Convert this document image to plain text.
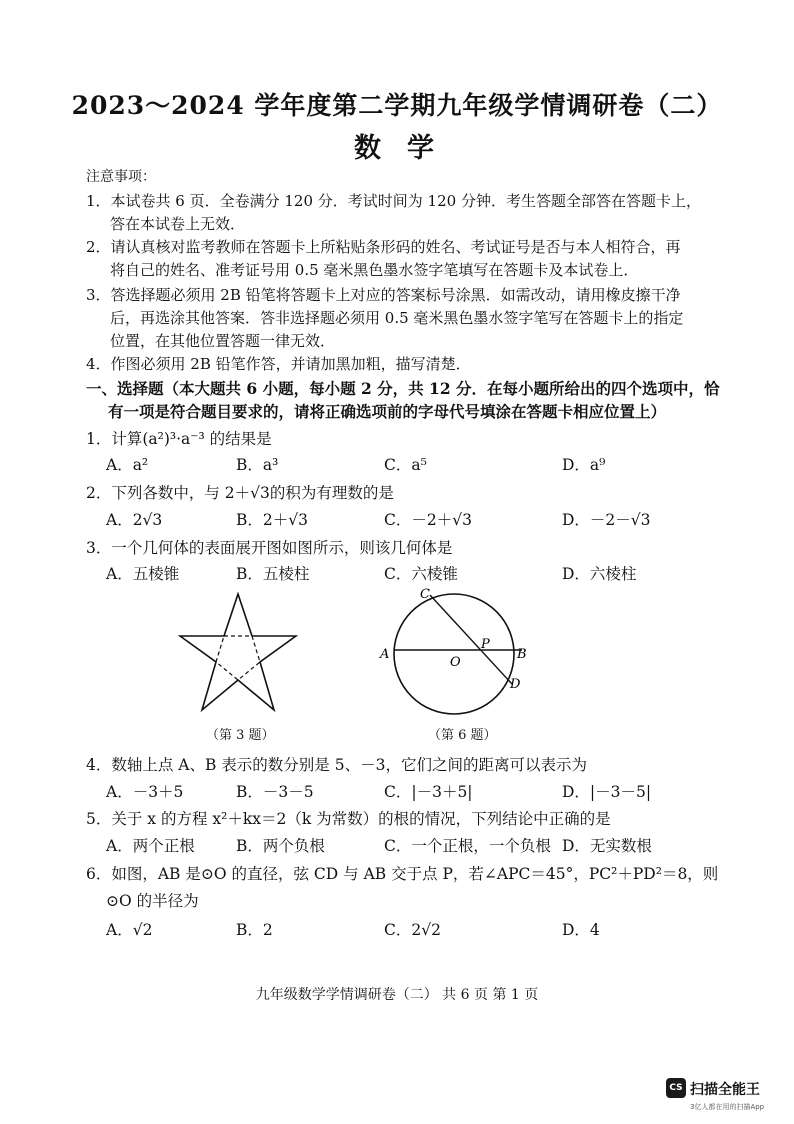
2023～2024 学年度第二学期九年级学情调研卷（二）
数学
注意事项：
1．本试卷共 6 页．全卷满分 120 分．考试时间为 120 分钟．考生答题全部答在答题卡上，
答在本试卷上无效．
2．请认真核对监考教师在答题卡上所粘贴条形码的姓名、考试证号是否与本人相符合，再
将自己的姓名、准考证号用 0.5 毫米黑色墨水签字笔填写在答题卡及本试卷上．
3．答选择题必须用 2B 铅笔将答题卡上对应的答案标号涂黑．如需改动，请用橡皮擦干净
后，再选涂其他答案．答非选择题必须用 0.5 毫米黑色墨水签字笔写在答题卡上的指定
位置，在其他位置答题一律无效．
4．作图必须用 2B 铅笔作答，并请加黑加粗，描写清楚．
一、选择题（本大题共 6 小题，每小题 2 分，共 12 分．在每小题所给出的四个选项中，恰
有一项是符合题目要求的，请将正确选项前的字母代号填涂在答题卡相应位置上）
1．计算(a²)³·a⁻³ 的结果是
A．a²	B．a³	C．a⁵	D．a⁹
2．下列各数中，与 2＋√3的积为有理数的是
A．2√3	B．2＋√3	C．－2＋√3	D．－2－√3
3．一个几何体的表面展开图如图所示，则该几何体是
A．五棱锥	B．五棱柱	C．六棱锥	D．六棱柱
（第 3 题）
C
A
O
P
B
D
（第 6 题）
4．数轴上点 A、B 表示的数分别是 5、－3，它们之间的距离可以表示为
A．－3＋5	B．－3－5	C．|－3＋5|	D．|－3－5|
5．关于 x 的方程 x²＋kx＝2（k 为常数）的根的情况，下列结论中正确的是
A．两个正根	B．两个负根	C．一个正根，一个负根 D．无实数根
6．如图，AB 是⊙O 的直径，弦 CD 与 AB 交于点 P，若∠APC＝45°，PC²＋PD²＝8，则
⊙O 的半径为
A．√2	B．2	C．2√2	D．4
九年级数学学情调研卷（二） 共 6 页 第 1 页
CS 扫描全能王
3亿人都在用的扫描App
